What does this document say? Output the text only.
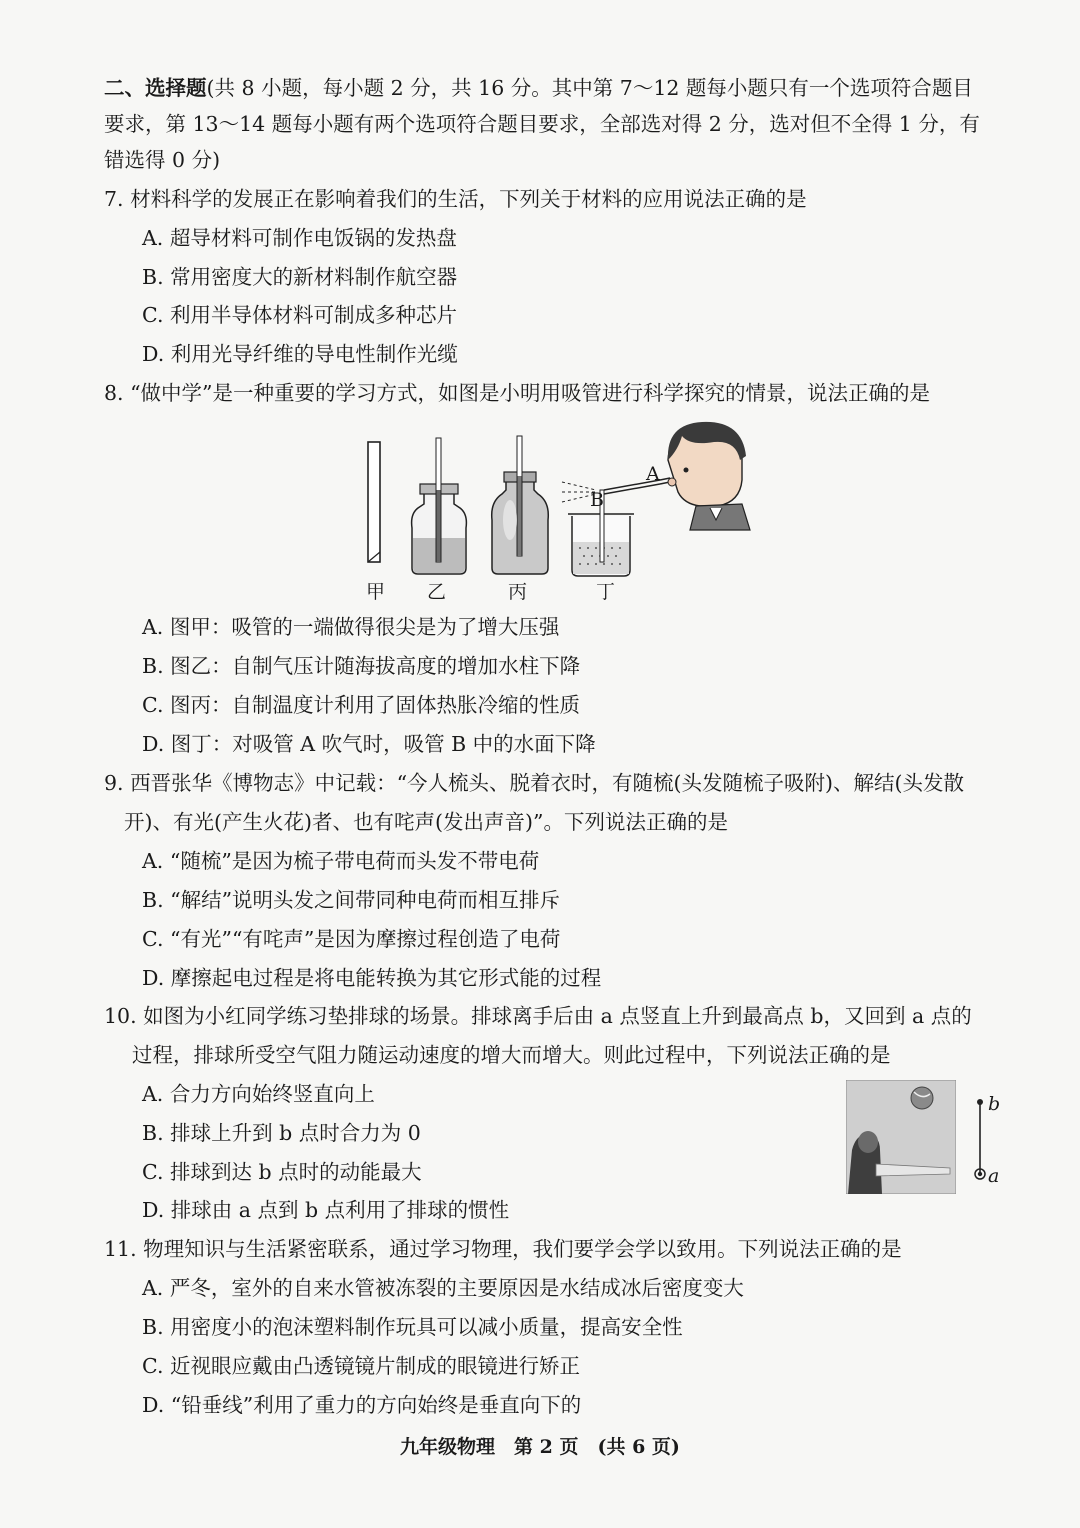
二、选择题(共 8 小题，每小题 2 分，共 16 分。其中第 7～12 题每小题只有一个选项符合题目
要求，第 13～14 题每小题有两个选项符合题目要求，全部选对得 2 分，选对但不全得 1 分，有
错选得 0 分)
7. 材料科学的发展正在影响着我们的生活，下列关于材料的应用说法正确的是
A. 超导材料可制作电饭锅的发热盘
B. 常用密度大的新材料制作航空器
C. 利用半导体材料可制成多种芯片
D. 利用光导纤维的导电性制作光缆
8. “做中学”是一种重要的学习方式，如图是小明用吸管进行科学探究的情景，说法正确的是
A
B
甲 乙	丙	丁
A. 图甲：吸管的一端做得很尖是为了增大压强
B. 图乙：自制气压计随海拔高度的增加水柱下降
C. 图丙：自制温度计利用了固体热胀冷缩的性质
D. 图丁：对吸管 A 吹气时，吸管 B 中的水面下降
9. 西晋张华《博物志》中记载：“今人梳头、脱着衣时，有随梳(头发随梳子吸附)、解结(头发散
开)、有光(产生火花)者、也有咤声(发出声音)”。下列说法正确的是
A. “随梳”是因为梳子带电荷而头发不带电荷
B. “解结”说明头发之间带同种电荷而相互排斥
C. “有光”“有咤声”是因为摩擦过程创造了电荷
D. 摩擦起电过程是将电能转换为其它形式能的过程
10. 如图为小红同学练习垫排球的场景。排球离手后由 a 点竖直上升到最高点 b，又回到 a 点的
过程，排球所受空气阻力随运动速度的增大而增大。则此过程中，下列说法正确的是
A. 合力方向始终竖直向上
B. 排球上升到 b 点时合力为 0
C. 排球到达 b 点时的动能最大
D. 排球由 a 点到 b 点利用了排球的惯性
b
a
11. 物理知识与生活紧密联系，通过学习物理，我们要学会学以致用。下列说法正确的是
A. 严冬，室外的自来水管被冻裂的主要原因是水结成冰后密度变大
B. 用密度小的泡沫塑料制作玩具可以减小质量，提高安全性
C. 近视眼应戴由凸透镜镜片制成的眼镜进行矫正
D. “铅垂线”利用了重力的方向始终是垂直向下的
九年级物理　第 2 页　(共 6 页)
